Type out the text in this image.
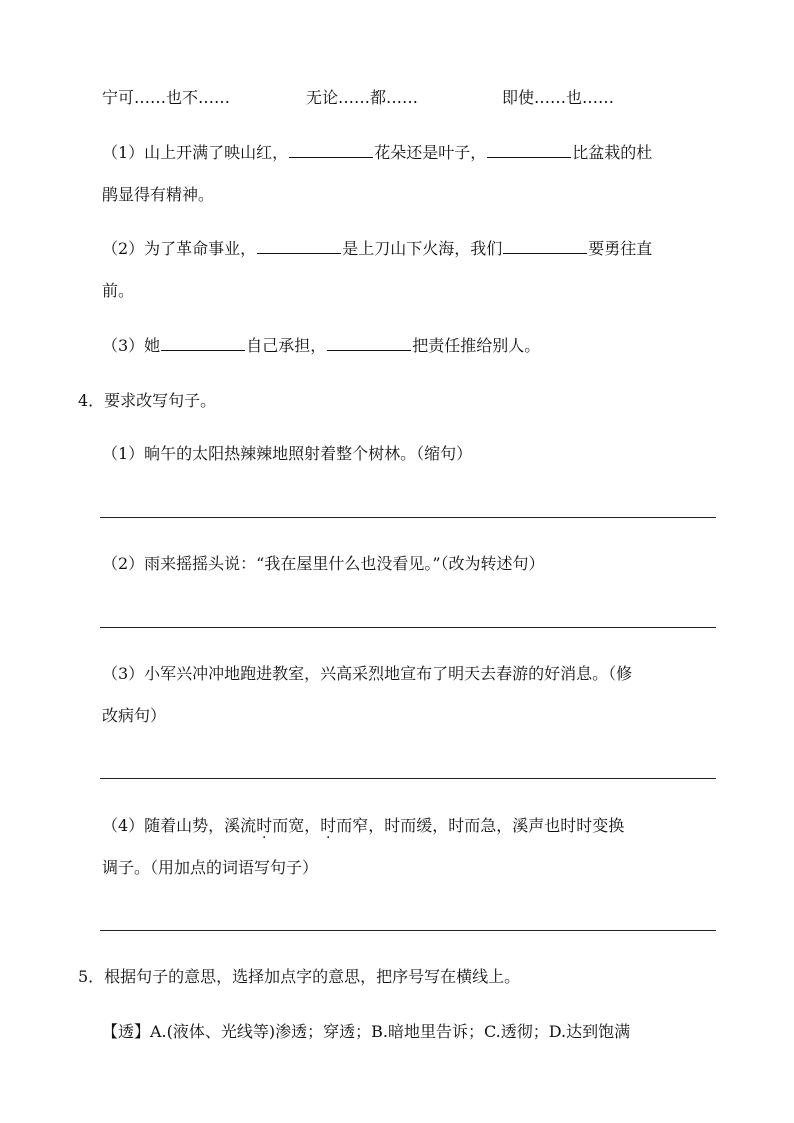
宁可……也不……	无论……都……	即使……也……
（1）山上开满了映山红，	花朵还是叶子，	比盆栽的杜
鹃显得有精神。
（2）为了革命事业，	是上刀山下火海，我们	要勇往直
前。
（3）她	自己承担，	把责任推给别人。
4．要求改写句子。
（1）晌午的太阳热辣辣地照射着整个树林。（缩句）
（2）雨来摇摇头说：“我在屋里什么也没看见。”（改为转述句）
（3）小军兴冲冲地跑进教室，兴高采烈地宣布了明天去春游的好消息。（修
改病句）
（4）随着山势，溪流时而宽，时而窄，时而缓，时而急，溪声也时时变换
调子。（用加点的词语写句子）
5．根据句子的意思，选择加点字的意思，把序号写在横线上。
【透】A.(液体、光线等)渗透；穿透；B.暗地里告诉；C.透彻；D.达到饱满
